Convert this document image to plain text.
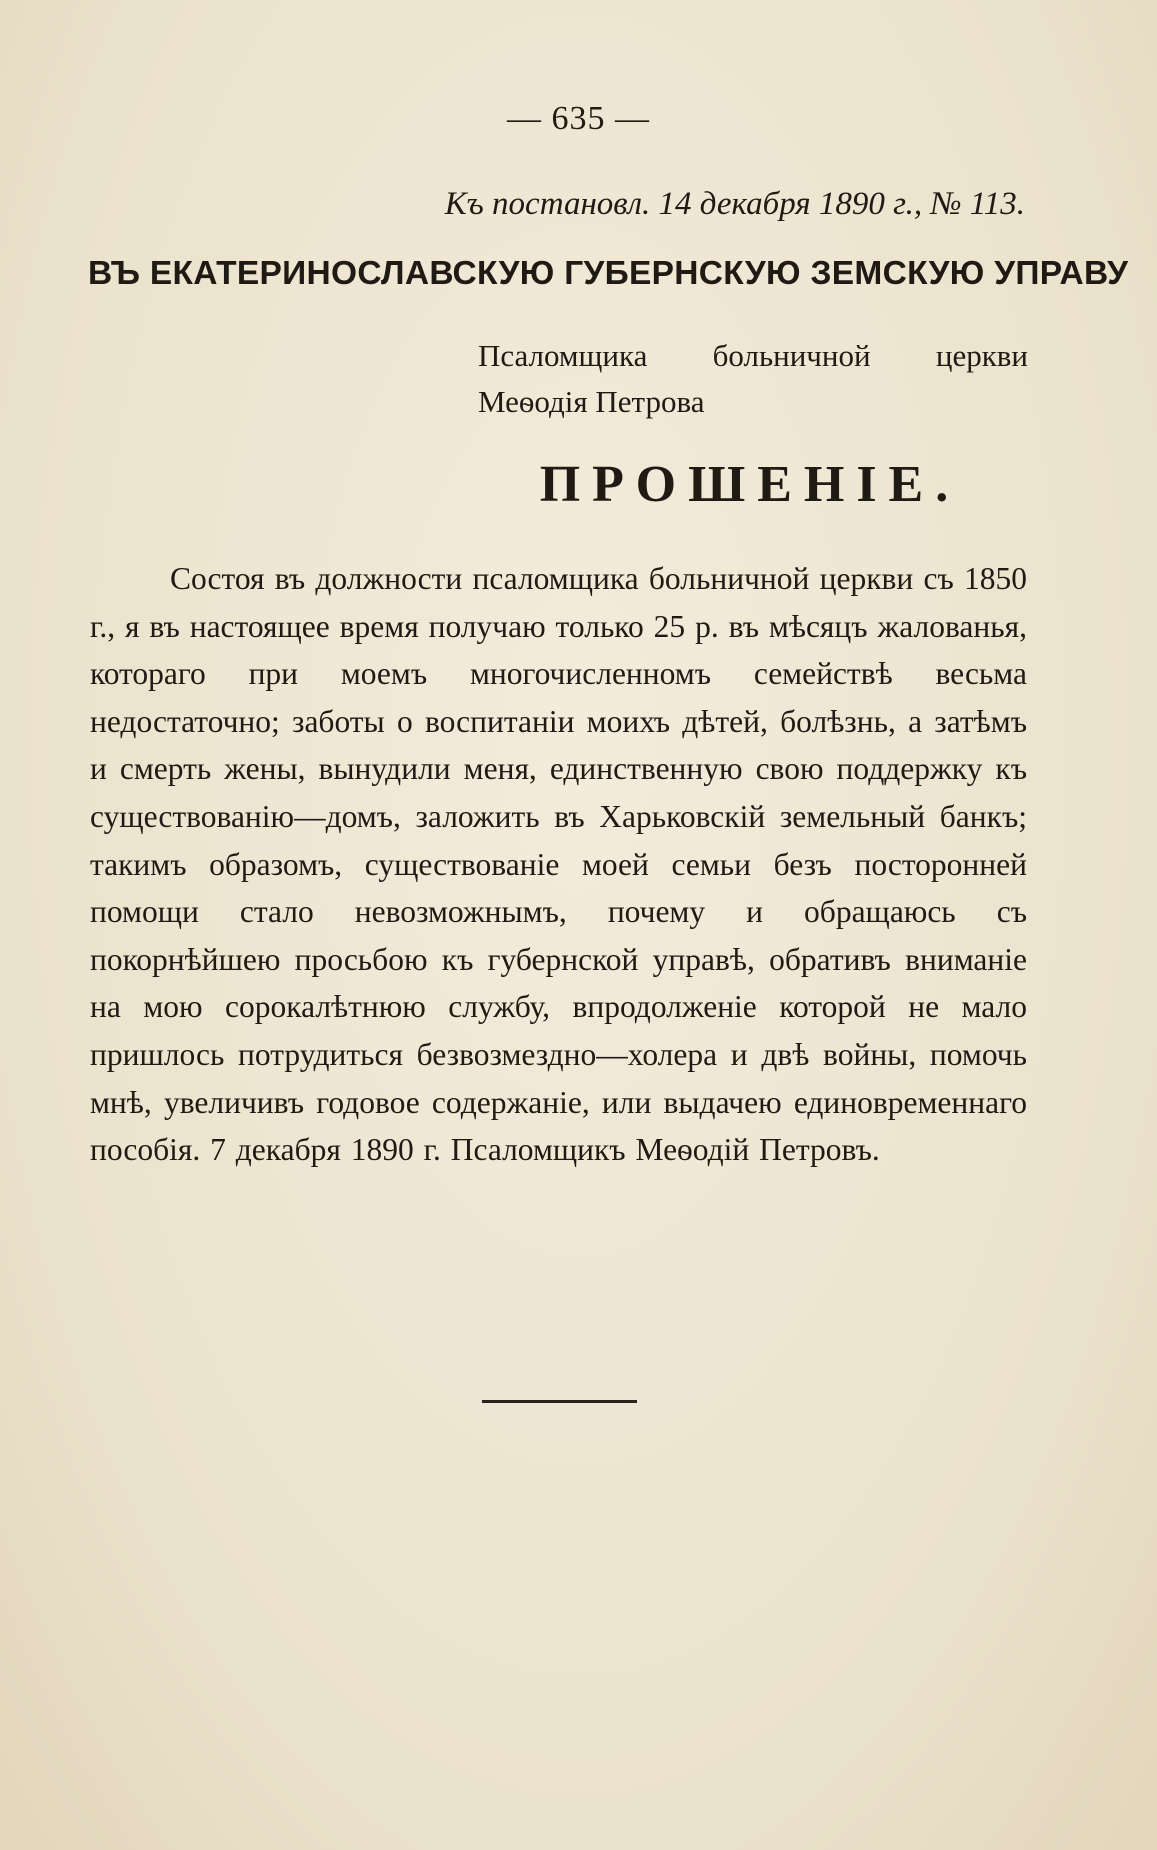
— 635 —
Къ постановл. 14 декабря 1890 г., № 113.
ВЪ ЕКАТЕРИНОСЛАВСКУЮ ГУБЕРНСКУЮ ЗЕМСКУЮ УПРАВУ
Псаломщика больничной церкви Меѳодія Петрова
ПРОШЕНІЕ.
Состоя въ должности псаломщика больничной церкви съ 1850 г., я въ настоящее время получаю только 25 р. въ мѣсяцъ жалованья, котораго при моемъ многочисленномъ семействѣ весьма недостаточно; заботы о воспитаніи моихъ дѣтей, болѣзнь, а затѣмъ и смерть жены, вынудили меня, единственную свою поддержку къ существованію—домъ, заложить въ Харьковскій земельный банкъ; такимъ образомъ, существованіе моей семьи безъ посторонней помощи стало невозможнымъ, почему и обращаюсь съ покорнѣйшею просьбою къ губернской управѣ, обративъ вниманіе на мою сорокалѣтнюю службу, впродолженіе которой не мало пришлось потрудиться безвозмездно—холера и двѣ войны, помочь мнѣ, увеличивъ годовое содержаніе, или выдачею единовременнаго пособія. 7 декабря 1890 г. Псаломщикъ Меѳодій Петровъ.
